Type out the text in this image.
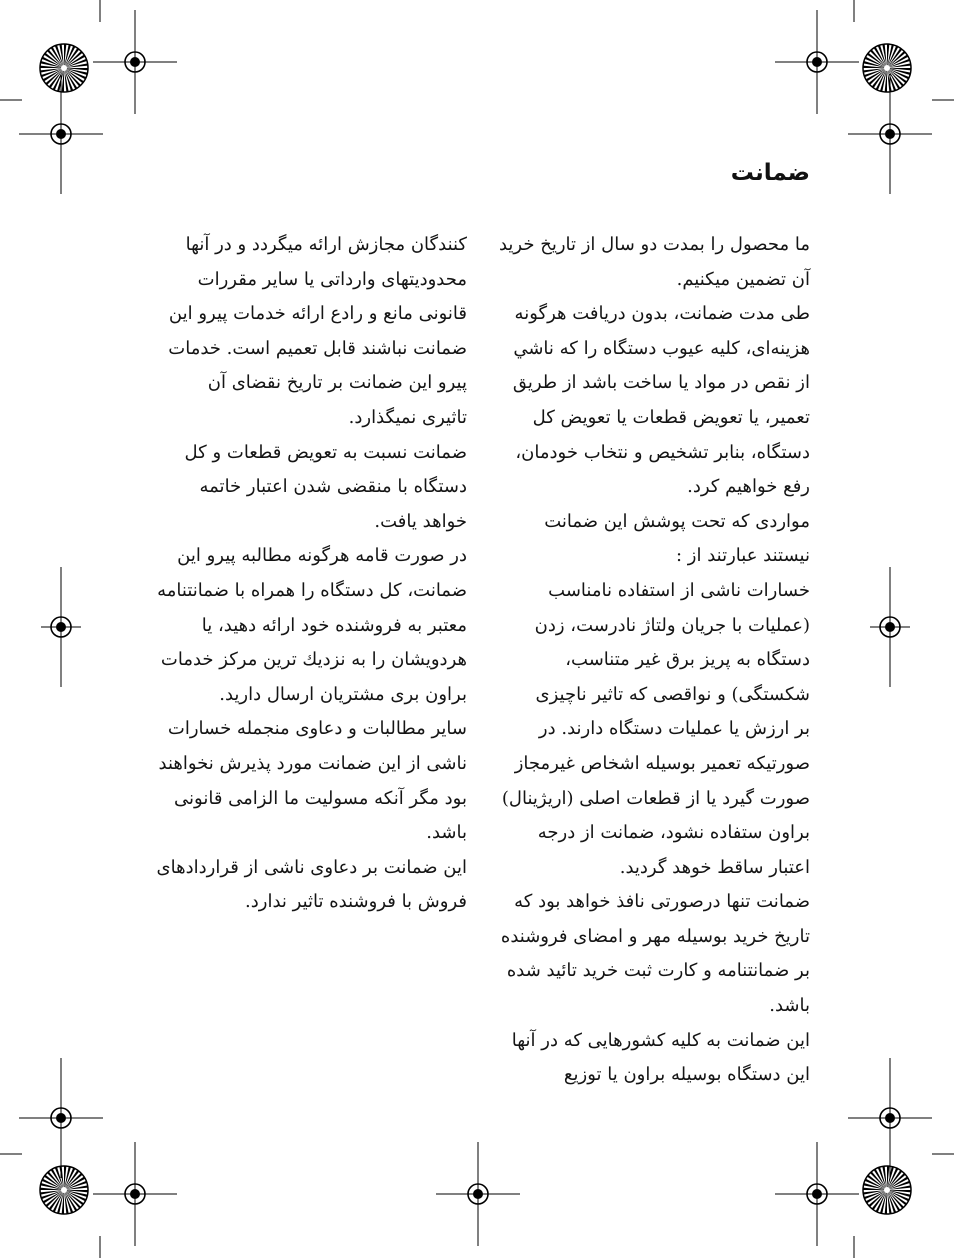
ضمانت
ما محصول را بمدت دو سال از تاریخ خرید
آن تضمین میکنیم.
طی مدت ضمانت، بدون دریافت هرگونه
هزینه‌ای، کلیه عیوب دستگاه را که ناشي
از نقص در مواد یا ساخت باشد از طریق
تعمیر، یا تعویض قطعات یا تعویض کل
دستگاه، بنابر تشخیص و نتخاب خودمان،
رفع خواهیم کرد.
مواردی که تحت پوشش این ضمانت
نیستند عبارتند از :
خسارات ناشی از استفاده نامناسب
(عملیات با جریان ولتاژ نادرست، زدن
دستگاه به پریز برق غیر متناسب،
شکستگی) و نواقصی که تاثیر ناچیزی
بر ارزش یا عملیات دستگاه دارند. در
صورتیکه تعمیر بوسیله اشخاص غیرمجاز
صورت گیرد یا از قطعات اصلی (اریژینال)
براون ستفاده نشود، ضمانت از درجه
اعتبار ساقط خوهد گردید.
ضمانت تنها درصورتی نافذ خواهد بود که
تاریخ خرید بوسیله مهر و امضای فروشنده
بر ضمانتنامه و کارت ثبت خرید تائید شده
باشد.
این ضمانت به کلیه کشورهایی که در آنها
این دستگاه بوسیله براون یا توزیع
کنندگان مجازش ارائه میگردد و در آنها
محدودیتهای وارداتی یا سایر مقررات
قانونی مانع و رادع ارائه خدمات پیرو این
ضمانت نباشند قابل تعمیم است. خدمات
پیرو این ضمانت بر تاریخ نقضای آن
تاثیری نمیگذارد.
ضمانت نسبت به تعویض قطعات و کل
دستگاه با منقضی شدن اعتبار خاتمه
خواهد یافت.
در صورت قامه هرگونه مطالبه پیرو این
ضمانت، کل دستگاه را همراه با ضمانتنامه
معتبر به فروشنده خود ارائه دهید، یا
هردویشان را به نزدیك ترین مرکز خدمات
براون برى مشتریان ارسال دارید.
سایر مطالبات و دعاوی منجمله خسارات
ناشی از این ضمانت مورد پذیرش نخواهند
بود مگر آنکه مسولیت ما الزامی قانونی
باشد.
این ضمانت بر دعاوی ناشی از قراردادهای
فروش با فروشنده تاثیر ندارد.
